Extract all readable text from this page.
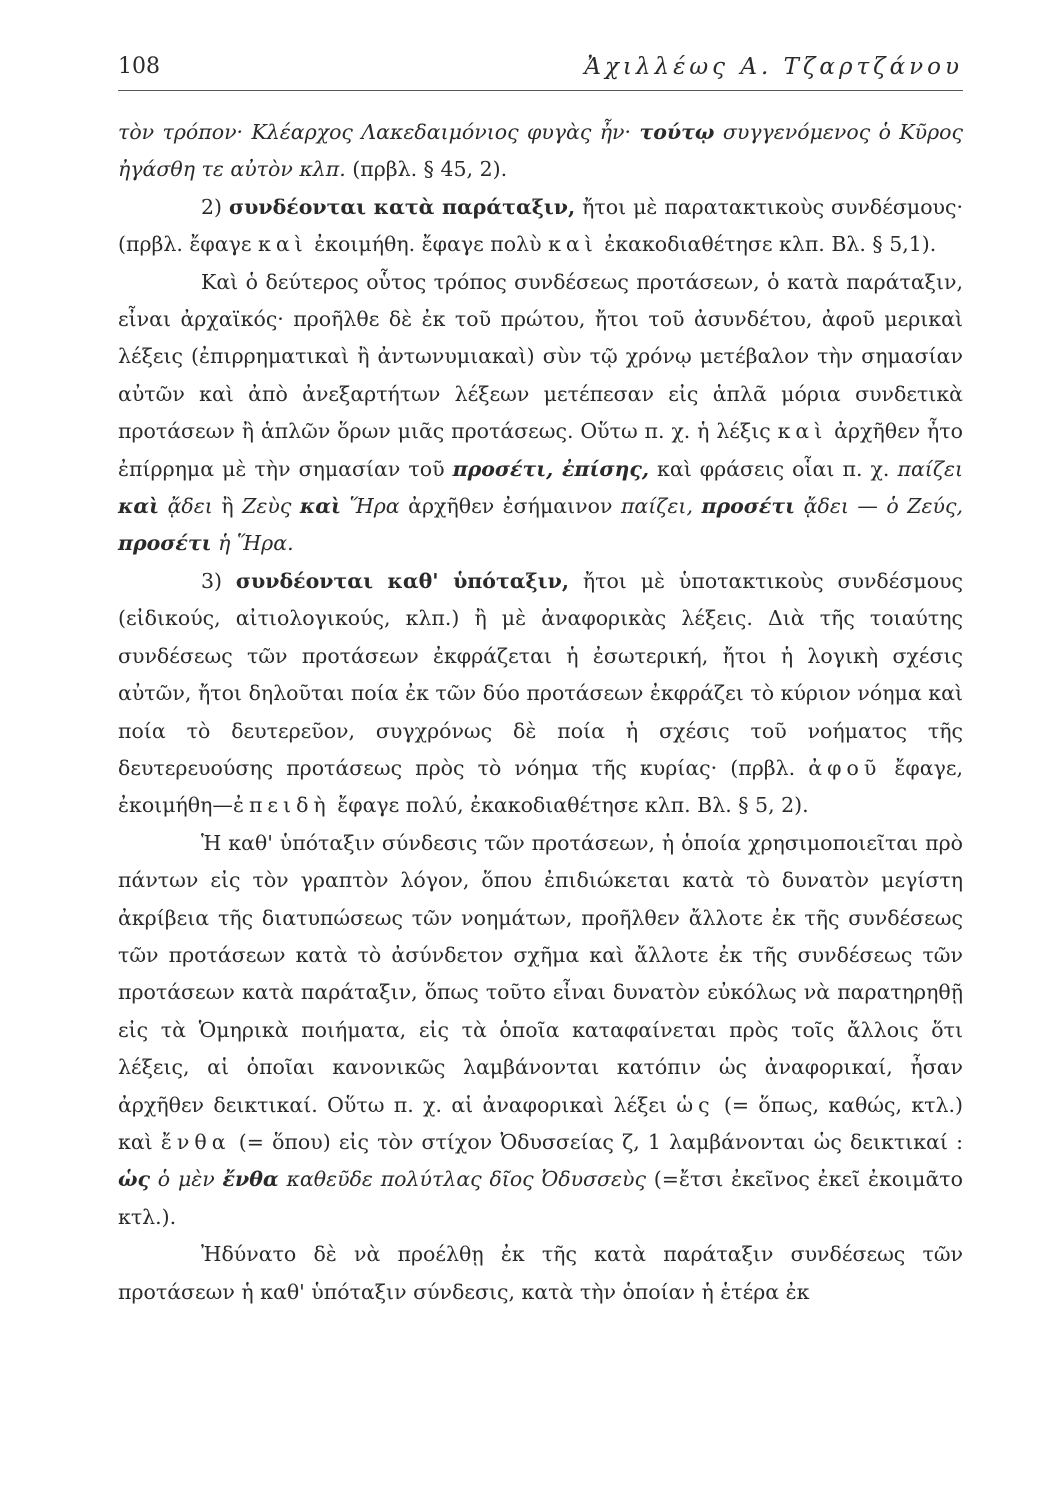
108	Ἀχιλλέως Α. Τζαρτζάνου

τὸν τρόπον· Κλέαρχος Λακεδαιμόνιος φυγὰς ἦν· τούτῳ συγγενόμενος ὁ Κῦρος ἠγάσθη τε αὐτὸν κλπ. (πρβλ. § 45, 2).

2) συνδέονται κατὰ παράταξιν, ἤτοι μὲ παρατακτικοὺς συνδέσμους· (πρβλ. ἔφαγε καὶ ἐκοιμήθη. ἔφαγε πολὺ καὶ ἐκακοδιαθέτησε κλπ. Βλ. § 5,1).

Καὶ ὁ δεύτερος οὗτος τρόπος συνδέσεως προτάσεων, ὁ κατὰ παράταξιν, εἶναι ἀρχαϊκός· προῆλθε δὲ ἐκ τοῦ πρώτου, ἤτοι τοῦ ἀσυνδέτου, ἀφοῦ μερικαὶ λέξεις (ἐπιρρηματικαὶ ἢ ἀντωνυμιακαὶ) σὺν τῷ χρόνῳ μετέβαλον τὴν σημασίαν αὐτῶν καὶ ἀπὸ ἀνεξαρτήτων λέξεων μετέπεσαν εἰς ἁπλᾶ μόρια συνδετικὰ προτάσεων ἢ ἁπλῶν ὅρων μιᾶς προτάσεως. Οὕτω π. χ. ἡ λέξις καὶ ἀρχῆθεν ἦτο ἐπίρρημα μὲ τὴν σημασίαν τοῦ προσέτι, ἐπίσης, καὶ φράσεις οἷαι π. χ. παίζει καὶ ᾄδει ἢ Ζεὺς καὶ Ἥρα ἀρχῆθεν ἐσήμαινον παίζει, προσέτι ᾄδει — ὁ Ζεύς, προσέτι ἡ Ἥρα.

3) συνδέονται καθ' ὑπόταξιν, ἤτοι μὲ ὑποτακτικοὺς συνδέσμους (εἰδικούς, αἰτιολογικούς, κλπ.) ἢ μὲ ἀναφορικὰς λέξεις. Διὰ τῆς τοιαύτης συνδέσεως τῶν προτάσεων ἐκφράζεται ἡ ἐσωτερική, ἤτοι ἡ λογικὴ σχέσις αὐτῶν, ἤτοι δηλοῦται ποία ἐκ τῶν δύο προτάσεων ἐκφράζει τὸ κύριον νόημα καὶ ποία τὸ δευτερεῦον, συγχρόνως δὲ ποία ἡ σχέσις τοῦ νοήματος τῆς δευτερευούσης προτάσεως πρὸς τὸ νόημα τῆς κυρίας· (πρβλ. ἀφοῦ ἔφαγε, ἐκοιμήθη—ἐπειδὴ ἔφαγε πολύ, ἐκακοδιαθέτησε κλπ. Βλ. § 5, 2).

Ἡ καθ' ὑπόταξιν σύνδεσις τῶν προτάσεων, ἡ ὁποία χρησιμοποιεῖται πρὸ πάντων εἰς τὸν γραπτὸν λόγον, ὅπου ἐπιδιώκεται κατὰ τὸ δυνατὸν μεγίστη ἀκρίβεια τῆς διατυπώσεως τῶν νοημάτων, προῆλθεν ἄλλοτε ἐκ τῆς συνδέσεως τῶν προτάσεων κατὰ τὸ ἀσύνδετον σχῆμα καὶ ἄλλοτε ἐκ τῆς συνδέσεως τῶν προτάσεων κατὰ παράταξιν, ὅπως τοῦτο εἶναι δυνατὸν εὐκόλως νὰ παρατηρηθῇ εἰς τὰ Ὁμηρικὰ ποιήματα, εἰς τὰ ὁποῖα καταφαίνεται πρὸς τοῖς ἄλλοις ὅτι λέξεις, αἱ ὁποῖαι κανονικῶς λαμβάνονται κατόπιν ὡς ἀναφορικαί, ἦσαν ἀρχῆθεν δεικτικαί. Οὕτω π. χ. αἱ ἀναφορικαὶ λέξει ὡς (= ὅπως, καθώς, κτλ.) καὶ ἔνθα (= ὅπου) εἰς τὸν στίχον Ὀδυσσείας ζ, 1 λαμβάνονται ὡς δεικτικαί : ὡς ὁ μὲν ἔνθα καθεῦδε πολύτλας δῖος Ὀδυσσεὺς (=ἔτσι ἐκεῖνος ἐκεῖ ἐκοιμᾶτο κτλ.).

Ἠδύνατο δὲ νὰ προέλθῃ ἐκ τῆς κατὰ παράταξιν συνδέσεως τῶν προτάσεων ἡ καθ' ὑπόταξιν σύνδεσις, κατὰ τὴν ὁποίαν ἡ ἑτέρα ἐκ
